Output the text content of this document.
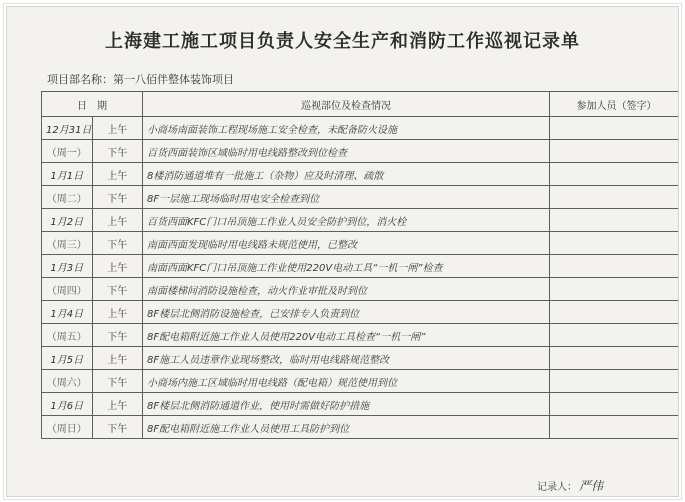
上海建工施工项目负责人安全生产和消防工作巡视记录单
项目部名称：第一八佰伴整体装饰项目
日　期		巡视部位及检查情况	参加人员（签字）
12月31日	上午	小商场南面装饰工程现场施工安全检查，未配备防火设施	
（周一）	下午	百货西面装饰区域临时用电线路整改到位检查	
1月1日	上午	8楼消防通道堆有一批施工（杂物）应及时清理、疏散	
（周二）	下午	8F一层施工现场临时用电安全检查到位	
1月2日	上午	百货西面KFC门口吊顶施工作业人员安全防护到位，消火栓	
（周三）	下午	南面西面发现临时用电线路未规范使用，已整改	
1月3日	上午	南面西面KFC门口吊顶施工作业使用220V电动工具“一机一闸”检查	
（周四）	下午	南面楼梯间消防设施检查，动火作业审批及时到位	
1月4日	上午	8F楼层北侧消防设施检查，已安排专人负责到位	
（周五）	下午	8F配电箱附近施工作业人员使用220V电动工具检查“一机一闸”	
1月5日	上午	8F施工人员违章作业现场整改，临时用电线路规范整改	
（周六）	下午	小商场内施工区域临时用电线路（配电箱）规范使用到位	
1月6日	上午	8F楼层北侧消防通道作业，使用时需做好防护措施	
（周日）	下午	8F配电箱附近施工作业人员使用工具防护到位	
记录人： 严伟
